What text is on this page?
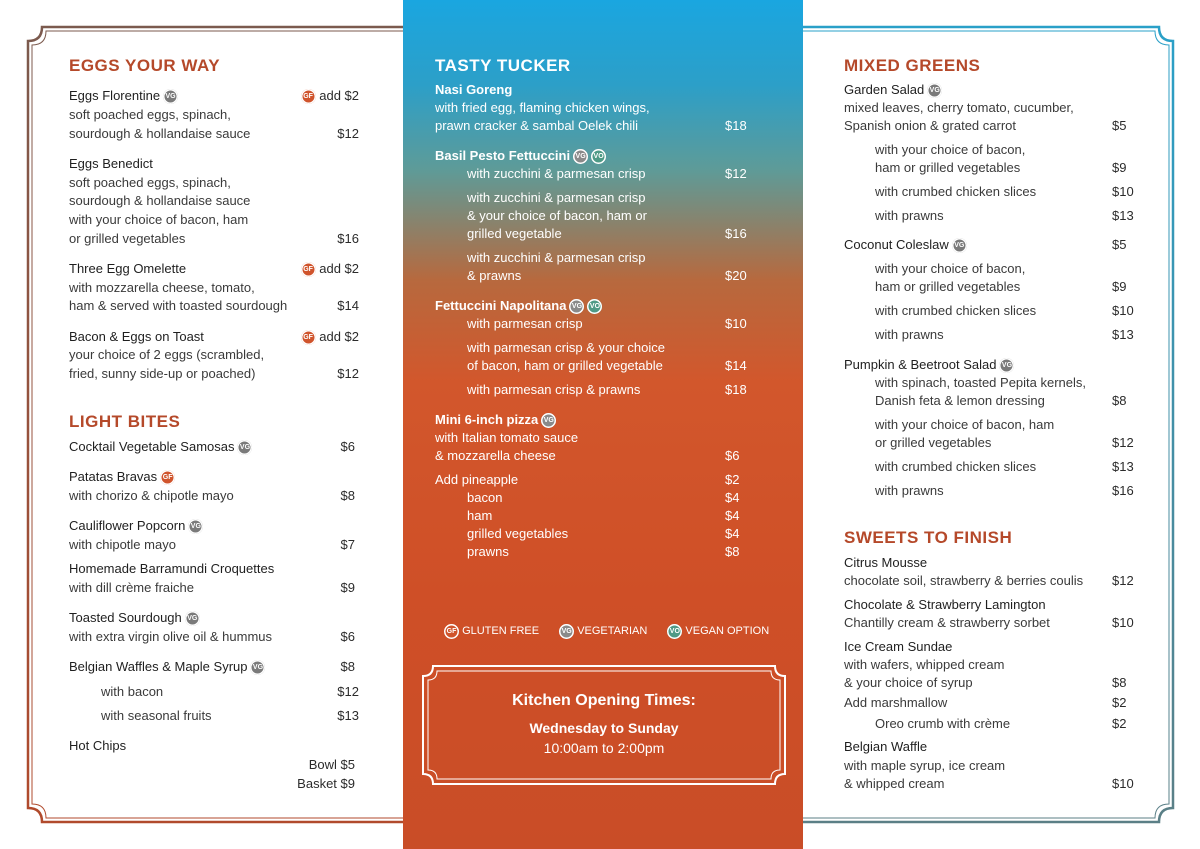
EGGS YOUR WAY
Eggs Florentine VG	GF add $2
soft poached eggs, spinach,
sourdough & hollandaise sauce	$12
Eggs Benedict
soft poached eggs, spinach,
sourdough & hollandaise sauce
with your choice of bacon, ham
or grilled vegetables	$16
Three Egg Omelette	GF add $2
with mozzarella cheese, tomato,
ham & served with toasted sourdough	$14
Bacon & Eggs on Toast	GF add $2
your choice of 2 eggs (scrambled,
fried, sunny side-up or poached)	$12
LIGHT BITES
Cocktail Vegetable Samosas VG	$6
Patatas Bravas GF
with chorizo & chipotle mayo	$8
Cauliflower Popcorn VG
with chipotle mayo	$7
Homemade Barramundi Croquettes
with dill crème fraiche	$9
Toasted Sourdough VG
with extra virgin olive oil & hummus	$6
Belgian Waffles & Maple Syrup VG	$8
with bacon	$12
with seasonal fruits	$13
Hot Chips
Bowl $5
Basket $9
TASTY TUCKER
Nasi Goreng
with fried egg, flaming chicken wings,
prawn cracker & sambal Oelek chili	$18
Basil Pesto Fettuccini VG VO
with zucchini & parmesan crisp	$12
with zucchini & parmesan crisp
& your choice of bacon, ham or
grilled vegetable	$16
with zucchini & parmesan crisp
& prawns	$20
Fettuccini Napolitana VG VO
with parmesan crisp	$10
with parmesan crisp & your choice
of bacon, ham or grilled vegetable	$14
with parmesan crisp & prawns	$18
Mini 6-inch pizza VG
with Italian tomato sauce
& mozzarella cheese	$6
Add pineapple	$2
bacon	$4
ham	$4
grilled vegetables	$4
prawns	$8
GF GLUTEN FREE	VG VEGETARIAN	VO VEGAN OPTION
Kitchen Opening Times:
Wednesday to Sunday
10:00am to 2:00pm
MIXED GREENS
Garden Salad VG
mixed leaves, cherry tomato, cucumber,
Spanish onion & grated carrot	$5
with your choice of bacon,
ham or grilled vegetables	$9
with crumbed chicken slices	$10
with prawns	$13
Coconut Coleslaw VG	$5
with your choice of bacon,
ham or grilled vegetables	$9
with crumbed chicken slices	$10
with prawns	$13
Pumpkin & Beetroot Salad VG
with spinach, toasted Pepita kernels,
Danish feta & lemon dressing	$8
with your choice of bacon, ham
or grilled vegetables	$12
with crumbed chicken slices	$13
with prawns	$16
SWEETS TO FINISH
Citrus Mousse
chocolate soil, strawberry & berries coulis $12
Chocolate & Strawberry Lamington
Chantilly cream & strawberry sorbet	$10
Ice Cream Sundae
with wafers, whipped cream
& your choice of syrup	$8
Add marshmallow	$2
Oreo crumb with crème	$2
Belgian Waffle
with maple syrup, ice cream
& whipped cream	$10
